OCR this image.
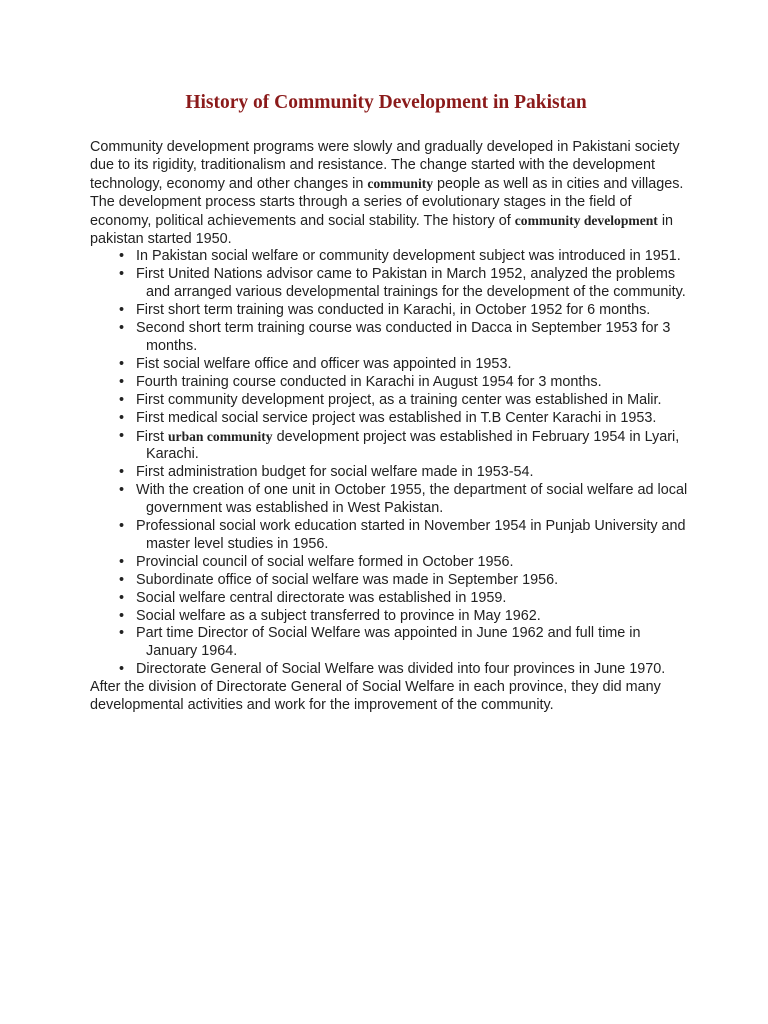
History of Community Development in Pakistan

Community development programs were slowly and gradually developed in Pakistani society due to its rigidity, traditionalism and resistance. The change started with the development technology, economy and other changes in community people as well as in cities and villages.

The development process starts through a series of evolutionary stages in the field of economy, political achievements and social stability. The history of community development in pakistan started 1950.

• In Pakistan social welfare or community development subject was introduced in 1951.
• First United Nations advisor came to Pakistan in March 1952, analyzed the problems and arranged various developmental trainings for the development of the community.
• First short term training was conducted in Karachi, in October 1952 for 6 months.
• Second short term training course was conducted in Dacca in September 1953 for 3 months.
• Fist social welfare office and officer was appointed in 1953.
• Fourth training course conducted in Karachi in August 1954 for 3 months.
• First community development project, as a training center was established in Malir.
• First medical social service project was established in T.B Center Karachi in 1953.
• First urban community development project was established in February 1954 in Lyari, Karachi.
• First administration budget for social welfare made in 1953-54.
• With the creation of one unit in October 1955, the department of social welfare ad local government was established in West Pakistan.
• Professional social work education started in November 1954 in Punjab University and master level studies in 1956.
• Provincial council of social welfare formed in October 1956.
• Subordinate office of social welfare was made in September 1956.
• Social welfare central directorate was established in 1959.
• Social welfare as a subject transferred to province in May 1962.
• Part time Director of Social Welfare was appointed in June 1962 and full time in January 1964.
• Directorate General of Social Welfare was divided into four provinces in June 1970.

After the division of Directorate General of Social Welfare in each province, they did many developmental activities and work for the improvement of the community.
